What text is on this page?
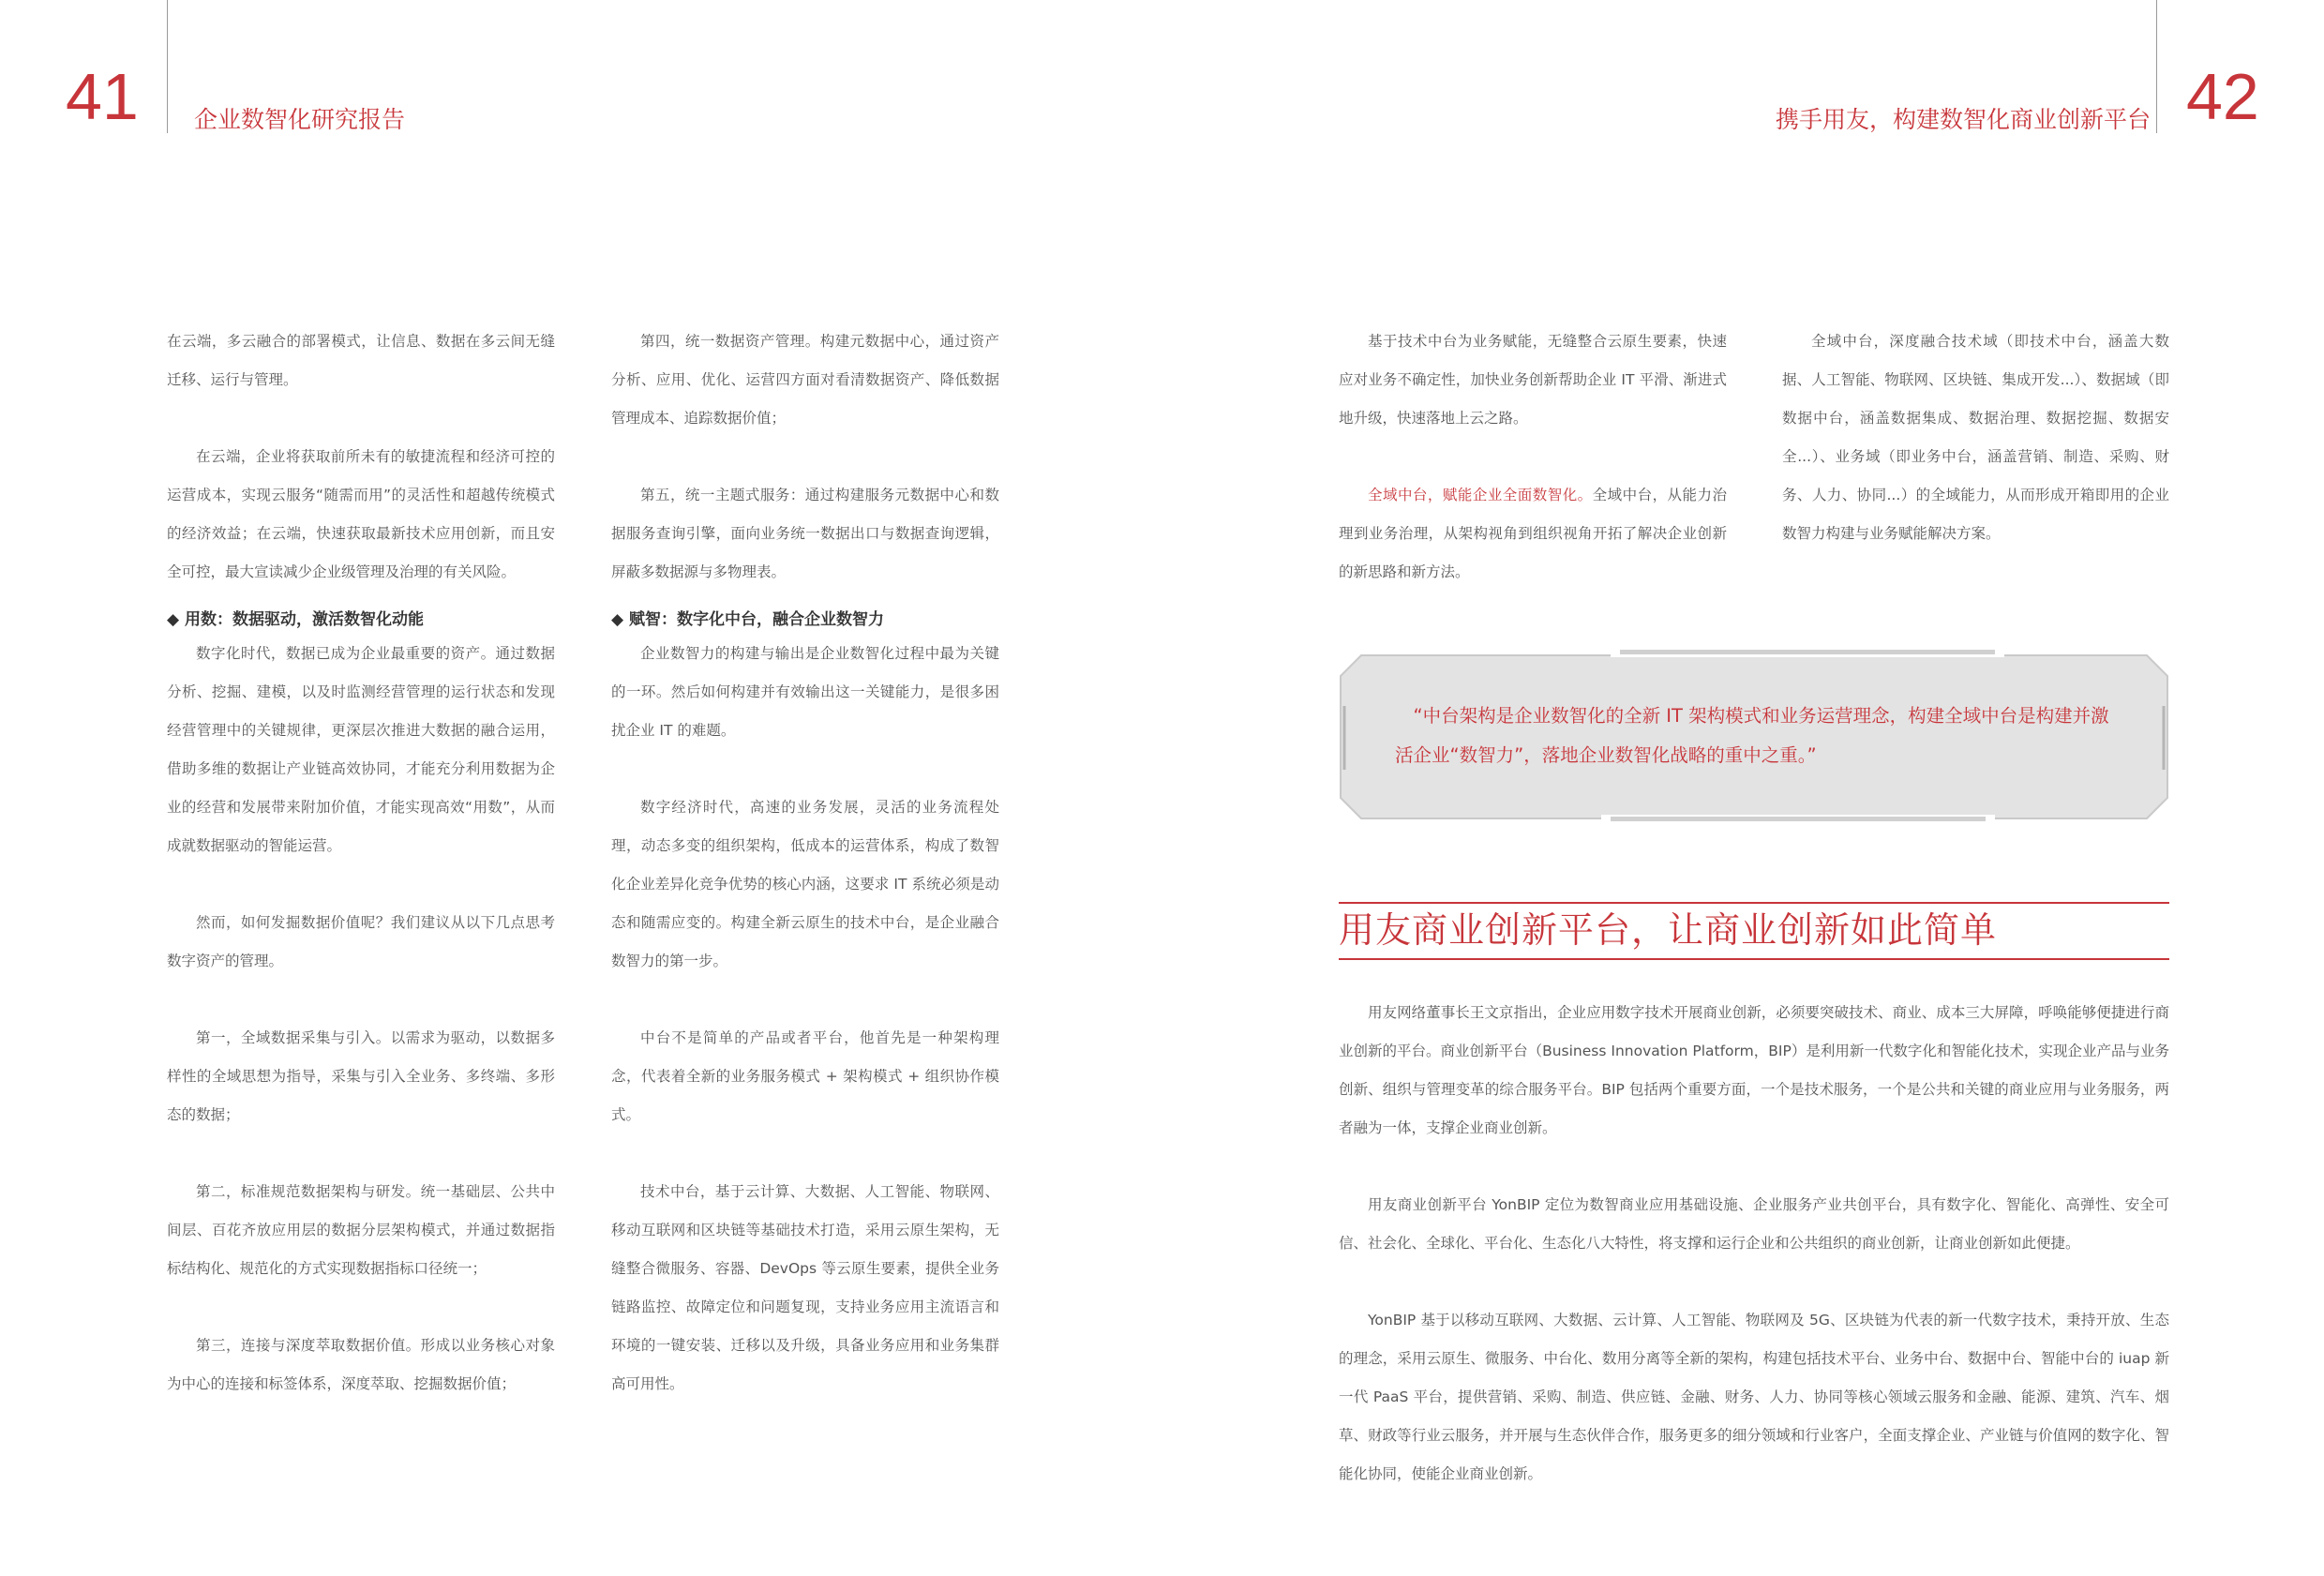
41 企业数智化研究报告	携手用友，构建数智化商业创新平台 42

在云端，多云融合的部署模式，让信息、数据在多云间无缝迁移、运行与管理。

在云端，企业将获取前所未有的敏捷流程和经济可控的运营成本，实现云服务“随需而用”的灵活性和超越传统模式的经济效益；在云端，快速获取最新技术应用创新，而且安全可控，最大宣读减少企业级管理及治理的有关风险。

◆ 用数：数据驱动，激活数智化动能

数字化时代，数据已成为企业最重要的资产。通过数据分析、挖掘、建模，以及时监测经营管理的运行状态和发现经营管理中的关键规律，更深层次推进大数据的融合运用，借助多维的数据让产业链高效协同，才能充分利用数据为企业的经营和发展带来附加价值，才能实现高效“用数”，从而成就数据驱动的智能运营。

然而，如何发掘数据价值呢？我们建议从以下几点思考数字资产的管理。

第一，全域数据采集与引入。以需求为驱动，以数据多样性的全域思想为指导，采集与引入全业务、多终端、多形态的数据；

第二，标准规范数据架构与研发。统一基础层、公共中间层、百花齐放应用层的数据分层架构模式，并通过数据指标结构化、规范化的方式实现数据指标口径统一；

第三，连接与深度萃取数据价值。形成以业务核心对象为中心的连接和标签体系，深度萃取、挖掘数据价值；

第四，统一数据资产管理。构建元数据中心，通过资产分析、应用、优化、运营四方面对看清数据资产、降低数据管理成本、追踪数据价值；

第五，统一主题式服务：通过构建服务元数据中心和数据服务查询引擎，面向业务统一数据出口与数据查询逻辑，屏蔽多数据源与多物理表。

◆ 赋智：数字化中台，融合企业数智力

企业数智力的构建与输出是企业数智化过程中最为关键的一环。然后如何构建并有效输出这一关键能力，是很多困扰企业 IT 的难题。

数字经济时代，高速的业务发展，灵活的业务流程处理，动态多变的组织架构，低成本的运营体系，构成了数智化企业差异化竞争优势的核心内涵，这要求 IT 系统必须是动态和随需应变的。构建全新云原生的技术中台，是企业融合数智力的第一步。

中台不是简单的产品或者平台，他首先是一种架构理念，代表着全新的业务服务模式 + 架构模式 + 组织协作模式。

技术中台，基于云计算、大数据、人工智能、物联网、移动互联网和区块链等基础技术打造，采用云原生架构，无缝整合微服务、容器、DevOps 等云原生要素，提供全业务链路监控、故障定位和问题复现，支持业务应用主流语言和环境的一键安装、迁移以及升级，具备业务应用和业务集群高可用性。

基于技术中台为业务赋能，无缝整合云原生要素，快速应对业务不确定性，加快业务创新帮助企业 IT 平滑、渐进式地升级，快速落地上云之路。

全域中台，赋能企业全面数智化。全域中台，从能力治理到业务治理，从架构视角到组织视角开拓了解决企业创新的新思路和新方法。

全域中台，深度融合技术域（即技术中台，涵盖大数据、人工智能、物联网、区块链、集成开发...）、数据域（即数据中台，涵盖数据集成、数据治理、数据挖掘、数据安全...）、业务域（即业务中台，涵盖营销、制造、采购、财务、人力、协同...）的全域能力，从而形成开箱即用的企业数智力构建与业务赋能解决方案。

“中台架构是企业数智化的全新 IT 架构模式和业务运营理念，构建全域中台是构建并激活企业“数智力”，落地企业数智化战略的重中之重。”
用友商业创新平台，让商业创新如此简单

用友网络董事长王文京指出，企业应用数字技术开展商业创新，必须要突破技术、商业、成本三大屏障，呼唤能够便捷进行商业创新的平台。商业创新平台（Business Innovation Platform，BIP）是利用新一代数字化和智能化技术，实现企业产品与业务创新、组织与管理变革的综合服务平台。BIP 包括两个重要方面，一个是技术服务，一个是公共和关键的商业应用与业务服务，两者融为一体，支撑企业商业创新。

用友商业创新平台 YonBIP 定位为数智商业应用基础设施、企业服务产业共创平台，具有数字化、智能化、高弹性、安全可信、社会化、全球化、平台化、生态化八大特性，将支撑和运行企业和公共组织的商业创新，让商业创新如此便捷。

YonBIP 基于以移动互联网、大数据、云计算、人工智能、物联网及 5G、区块链为代表的新一代数字技术，秉持开放、生态的理念，采用云原生、微服务、中台化、数用分离等全新的架构，构建包括技术平台、业务中台、数据中台、智能中台的 iuap 新一代 PaaS 平台，提供营销、采购、制造、供应链、金融、财务、人力、协同等核心领域云服务和金融、能源、建筑、汽车、烟草、财政等行业云服务，并开展与生态伙伴合作，服务更多的细分领域和行业客户，全面支撑企业、产业链与价值网的数字化、智能化协同，使能企业商业创新。
